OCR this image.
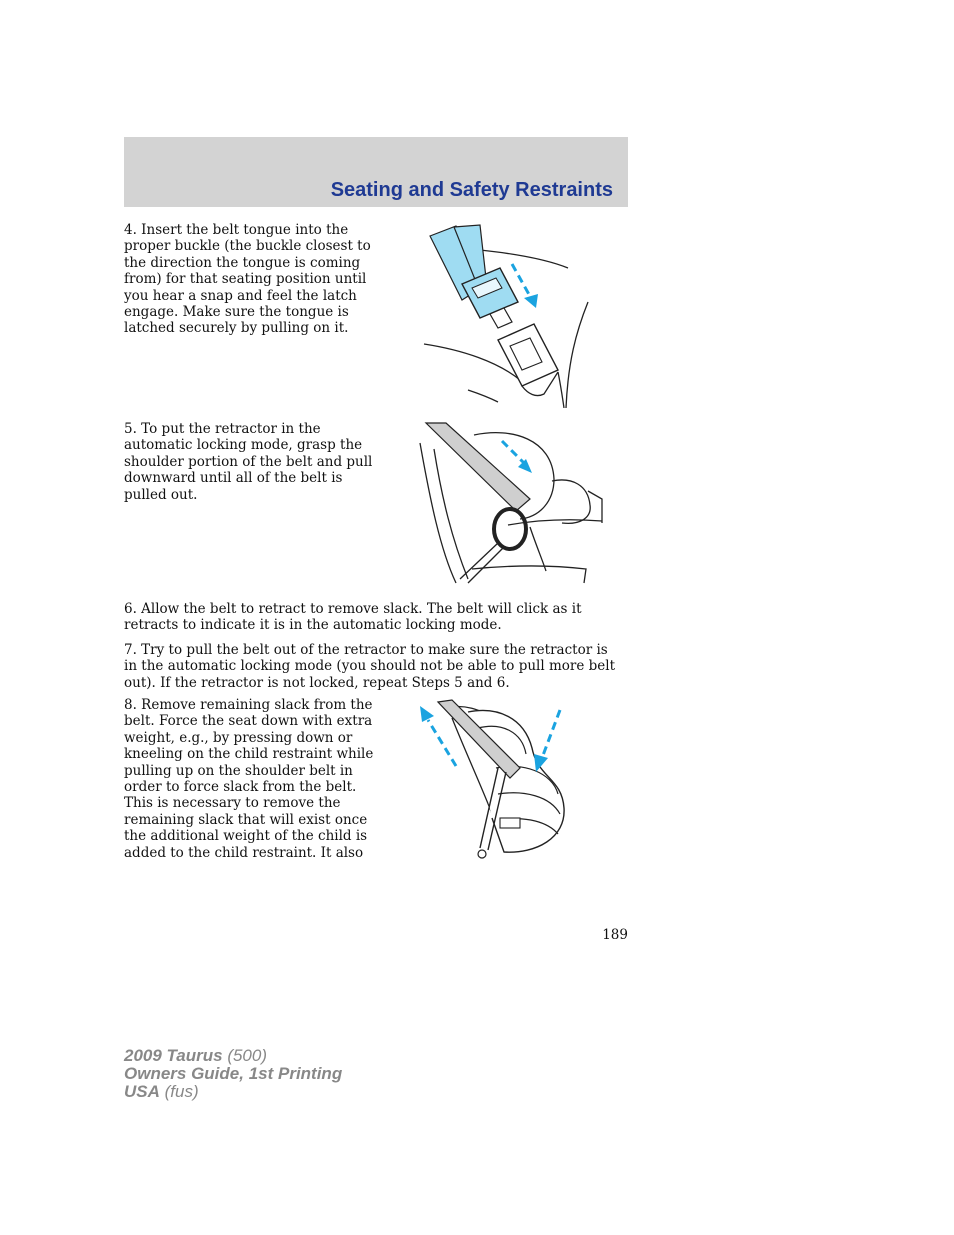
Seating and Safety Restraints

4. Insert the belt tongue into the proper buckle (the buckle closest to the direction the tongue is coming from) for that seating position until you hear a snap and feel the latch engage. Make sure the tongue is latched securely by pulling on it.

5. To put the retractor in the automatic locking mode, grasp the shoulder portion of the belt and pull downward until all of the belt is pulled out.

6. Allow the belt to retract to remove slack. The belt will click as it retracts to indicate it is in the automatic locking mode.

7. Try to pull the belt out of the retractor to make sure the retractor is in the automatic locking mode (you should not be able to pull more belt out). If the retractor is not locked, repeat Steps 5 and 6.

8. Remove remaining slack from the belt. Force the seat down with extra weight, e.g., by pressing down or kneeling on the child restraint while pulling up on the shoulder belt in order to force slack from the belt. This is necessary to remove the remaining slack that will exist once the additional weight of the child is added to the child restraint. It also

189

2009 Taurus (500)
Owners Guide, 1st Printing
USA (fus)
